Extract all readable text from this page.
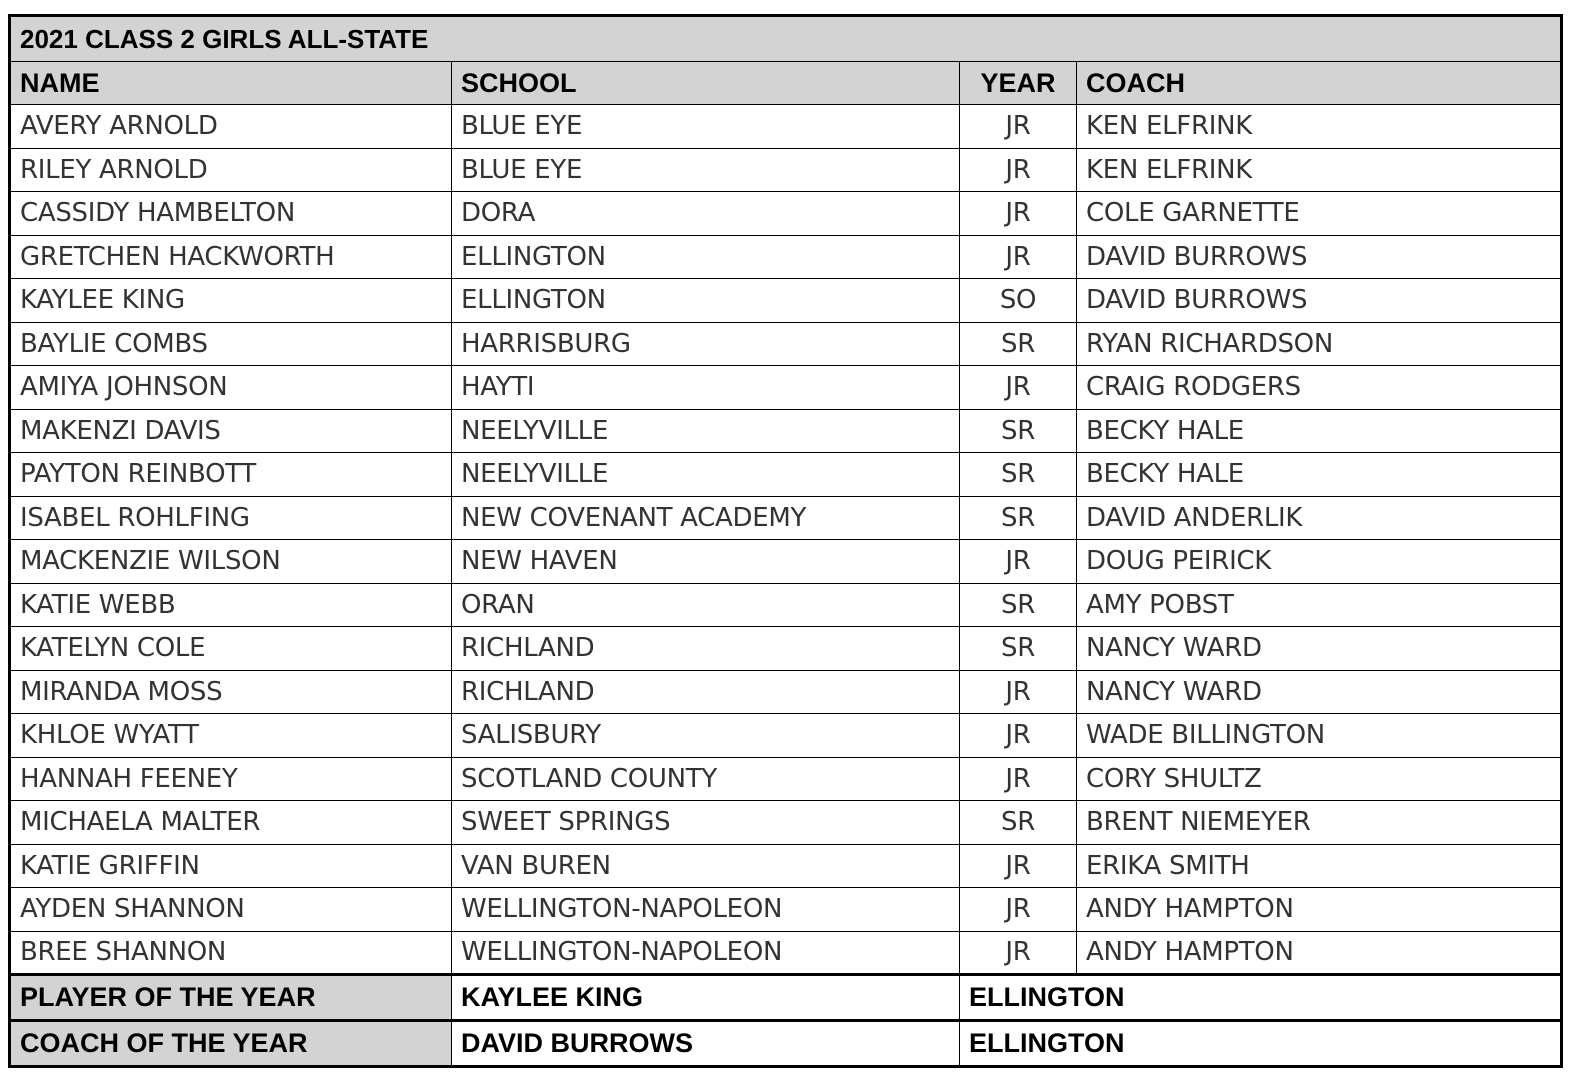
2021 CLASS 2 GIRLS ALL-STATE			
NAME	SCHOOL	YEAR	COACH
AVERY ARNOLD	BLUE EYE	JR	KEN ELFRINK
RILEY ARNOLD	BLUE EYE	JR	KEN ELFRINK
CASSIDY HAMBELTON	DORA	JR	COLE GARNETTE
GRETCHEN HACKWORTH	ELLINGTON	JR	DAVID BURROWS
KAYLEE KING	ELLINGTON	SO	DAVID BURROWS
BAYLIE COMBS	HARRISBURG	SR	RYAN RICHARDSON
AMIYA JOHNSON	HAYTI	JR	CRAIG RODGERS
MAKENZI DAVIS	NEELYVILLE	SR	BECKY HALE
PAYTON REINBOTT	NEELYVILLE	SR	BECKY HALE
ISABEL ROHLFING	NEW COVENANT ACADEMY	SR	DAVID ANDERLIK
MACKENZIE WILSON	NEW HAVEN	JR	DOUG PEIRICK
KATIE WEBB	ORAN	SR	AMY POBST
KATELYN COLE	RICHLAND	SR	NANCY WARD
MIRANDA MOSS	RICHLAND	JR	NANCY WARD
KHLOE WYATT	SALISBURY	JR	WADE BILLINGTON
HANNAH FEENEY	SCOTLAND COUNTY	JR	CORY SHULTZ
MICHAELA MALTER	SWEET SPRINGS	SR	BRENT NIEMEYER
KATIE GRIFFIN	VAN BUREN	JR	ERIKA SMITH
AYDEN SHANNON	WELLINGTON-NAPOLEON	JR	ANDY HAMPTON
BREE SHANNON	WELLINGTON-NAPOLEON	JR	ANDY HAMPTON
PLAYER OF THE YEAR	KAYLEE KING	ELLINGTON	
COACH OF THE YEAR	DAVID BURROWS	ELLINGTON	
